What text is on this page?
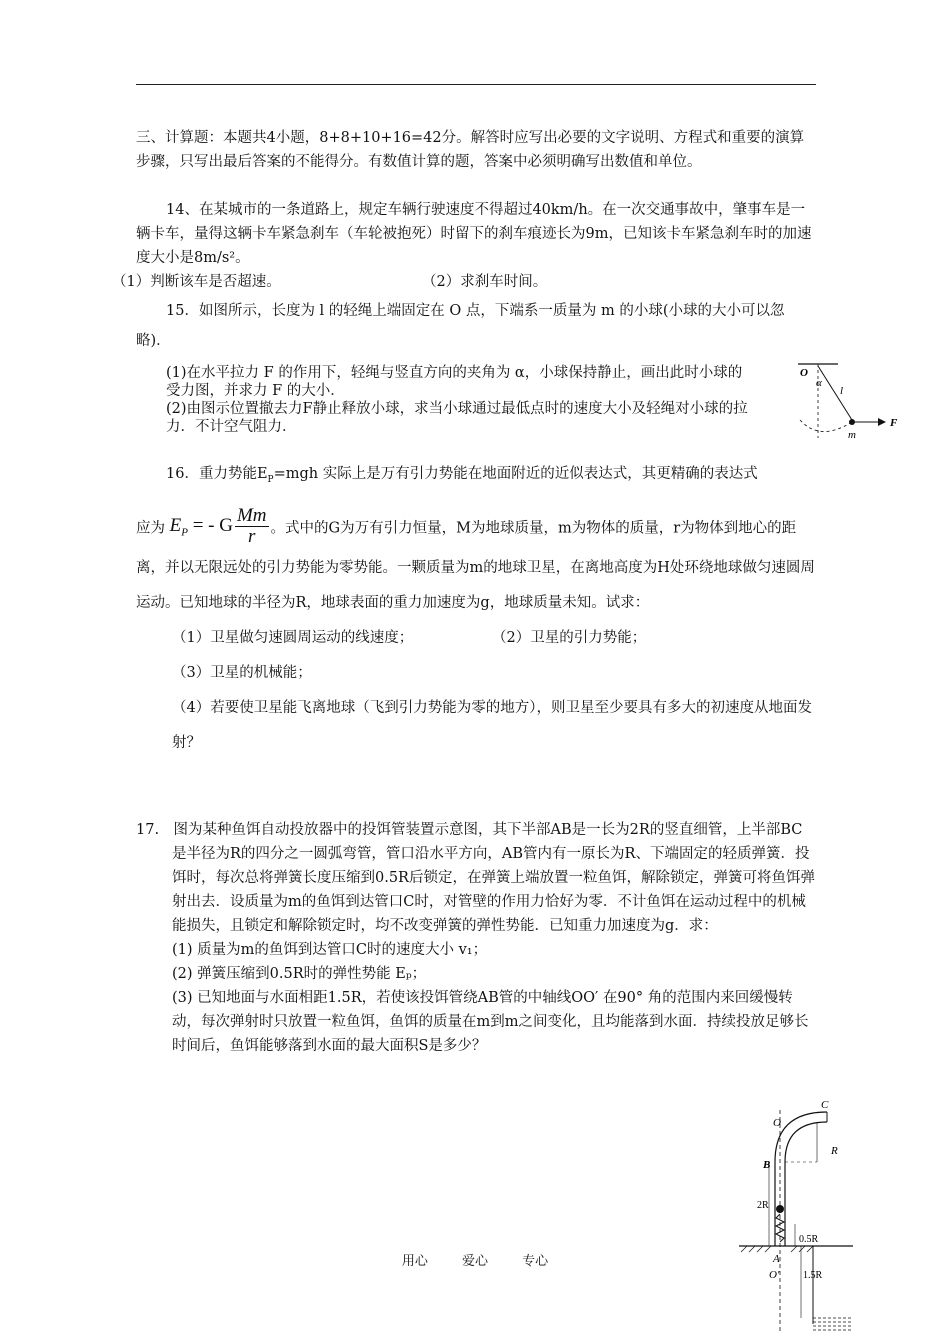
三、计算题：本题共4小题，8+8+10+16=42分。解答时应写出必要的文字说明、方程式和重要的演算步骤，只写出最后答案的不能得分。有数值计算的题，答案中必须明确写出数值和单位。

14、在某城市的一条道路上，规定车辆行驶速度不得超过40km/h。在一次交通事故中，肇事车是一辆卡车，量得这辆卡车紧急刹车（车轮被抱死）时留下的刹车痕迹长为9m，已知该卡车紧急刹车时的加速度大小是8m/s²。

（1）判断该车是否超速。	（2）求刹车时间。

15．如图所示，长度为 l 的轻绳上端固定在 O 点，下端系一质量为 m 的小球(小球的大小可以忽略)．

(1)在水平拉力 F 的作用下，轻绳与竖直方向的夹角为 α，小球保持静止，画出此时小球的受力图，并求力 F 的大小．

(2)由图示位置撤去力F静止释放小球，求当小球通过最低点时的速度大小及轻绳对小球的拉力．不计空气阻力．

O
α
l
m
F

16．重力势能$E_P=mgh$ 实际上是万有引力势能在地面附近的近似表达式，其更精确的表达式

应为 $E_P$ = - G $\frac{Mm}{r}$ 。式中的G为万有引力恒量，M为地球质量，m为物体的质量，r为物体到地心的距离，并以无限远处的引力势能为零势能。一颗质量为m的地球卫星，在离地高度为H处环绕地球做匀速圆周运动。已知地球的半径为R，地球表面的重力加速度为g，地球质量未知。试求：

（1）卫星做匀速圆周运动的线速度；	（2）卫星的引力势能；

（3）卫星的机械能；

（4）若要使卫星能飞离地球（飞到引力势能为零的地方），则卫星至少要具有多大的初速度从地面发射？

17.　图为某种鱼饵自动投放器中的投饵管装置示意图，其下半部AB是一长为2R的竖直细管，上半部BC是半径为R的四分之一圆弧弯管，管口沿水平方向，AB管内有一原长为R、下端固定的轻质弹簧．投饵时，每次总将弹簧长度压缩到0.5R后锁定，在弹簧上端放置一粒鱼饵，解除锁定，弹簧可将鱼饵弹射出去．设质量为m的鱼饵到达管口C时，对管壁的作用力恰好为零．不计鱼饵在运动过程中的机械能损失，且锁定和解除锁定时，均不改变弹簧的弹性势能．已知重力加速度为g．求：

(1) 质量为m的鱼饵到达管口C时的速度大小 v₁；

(2) 弹簧压缩到0.5R时的弹性势能 Eₚ；

(3) 已知地面与水面相距1.5R，若使该投饵管绕AB管的中轴线OO′ 在90° 角的范围内来回缓慢转动，每次弹射时只放置一粒鱼饵，鱼饵的质量在m到m之间变化，且均能落到水面．持续投放足够长时间后，鱼饵能够落到水面的最大面积S是多少？

O
C
R
B
2R
0.5R
A
O′ 1.5R
用心 爱心 专心
